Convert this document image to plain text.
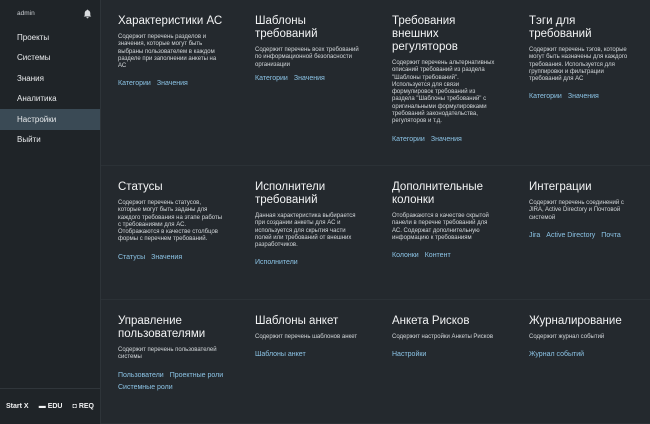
admin
Проекты
Системы
Знания
Аналитика
Настройки
Выйти
Start X ▬ EDU ◘ REQ
Характеристики АС

Содержит перечень разделов и значения, которые могут быть выбраны пользователем в каждом разделе при заполнении анкеты на АС

Категории Значения
Шаблоны требований

Содержит перечень всех требований по информационной безопасности организации

Категории Значения
Требования внешних регуляторов

Содержит перечень альтернативных описаний требований из раздела "Шаблоны требований". Используется для связи формулировок требований из раздела "Шаблоны требований" с оригинальными формулировками требований законодательства, регуляторов и т.д.

Категории Значения
Тэги для требований

Содержит перечень тэгов, которые могут быть назначены для каждого требования. Используется для группировки и фильтрации требований для АС

Категории Значения
Статусы

Содержит перечень статусов, которые могут быть заданы для каждого требования на этапе работы с требованиями для АС. Отображаются в качестве столбцов формы с перечнем требований.

Статусы Значения
Исполнители требований

Данная характеристика выбирается при создании анкеты для АС и используется для скрытия части полей или требований от внешних разработчиков.

Исполнители
Дополнительные колонки

Отображаются в качестве скрытой панели в перечне требований для АС. Содержат дополнительную информацию к требованиям

Колонки Контент
Интеграции

Содержит перечень соединений с JIRA, Active Directory и Почтовой системой

Jira Active Directory Почта
Управление пользователями

Содержит перечень пользователей системы

Пользователи Проектные роли
Системные роли
Шаблоны анкет

Содержит перечень шаблонов анкет

Шаблоны анкет
Анкета Рисков

Содержит настройки Анкеты Рисков

Настройки
Журналирование

Содержит журнал событий

Журнал событий
